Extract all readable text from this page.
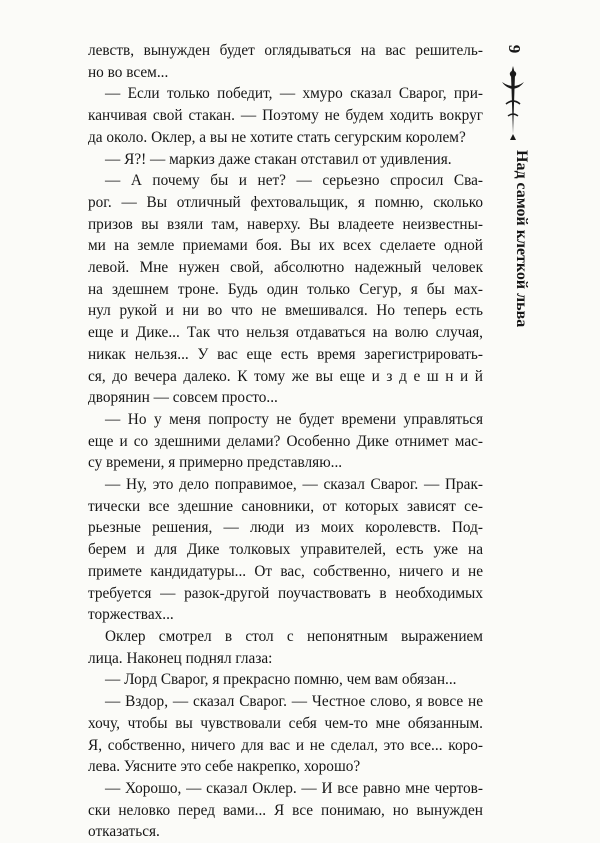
левств, вынужден будет оглядываться на вас решитель-

но во всем...

— Если только победит, — хмуро сказал Сварог, при-

канчивая свой стакан. — Поэтому не будем ходить вокруг

да около. Оклер, а вы не хотите стать сегурским королем?

— Я?! — маркиз даже стакан отставил от удивления.

— А почему бы и нет? — серьезно спросил Сва-

рог. — Вы отличный фехтовальщик, я помню, сколько

призов вы взяли там, наверху. Вы владеете неизвестны-

ми на земле приемами боя. Вы их всех сделаете одной

левой. Мне нужен свой, абсолютно надежный человек

на здешнем троне. Будь один только Сегур, я бы мах-

нул рукой и ни во что не вмешивался. Но теперь есть

еще и Дике... Так что нельзя отдаваться на волю случая,

никак нельзя... У вас еще есть время зарегистрировать-

ся, до вечера далеко. К тому же вы еще и з д е ш н и й

дворянин — совсем просто...

— Но у меня попросту не будет времени управляться

еще и со здешними делами? Особенно Дике отнимет мас-

су времени, я примерно представляю...

— Ну, это дело поправимое, — сказал Сварог. — Прак-

тически все здешние сановники, от которых зависят се-

рьезные решения, — люди из моих королевств. Под-

берем и для Дике толковых управителей, есть уже на

примете кандидатуры... От вас, собственно, ничего и не

требуется — разок-другой поучаствовать в необходимых

торжествах...

Оклер смотрел в стол с непонятным выражением

лица. Наконец поднял глаза:

— Лорд Сварог, я прекрасно помню, чем вам обязан...

— Вздор, — сказал Сварог. — Честное слово, я вовсе не

хочу, чтобы вы чувствовали себя чем-то мне обязанным.

Я, собственно, ничего для вас и не сделал, это все... коро-

лева. Уясните это себе накрепко, хорошо?

— Хорошо, — сказал Оклер. — И все равно мне чертов-

ски неловко перед вами... Я все понимаю, но вынужден

отказаться.

9
Над самой клеткой льва
